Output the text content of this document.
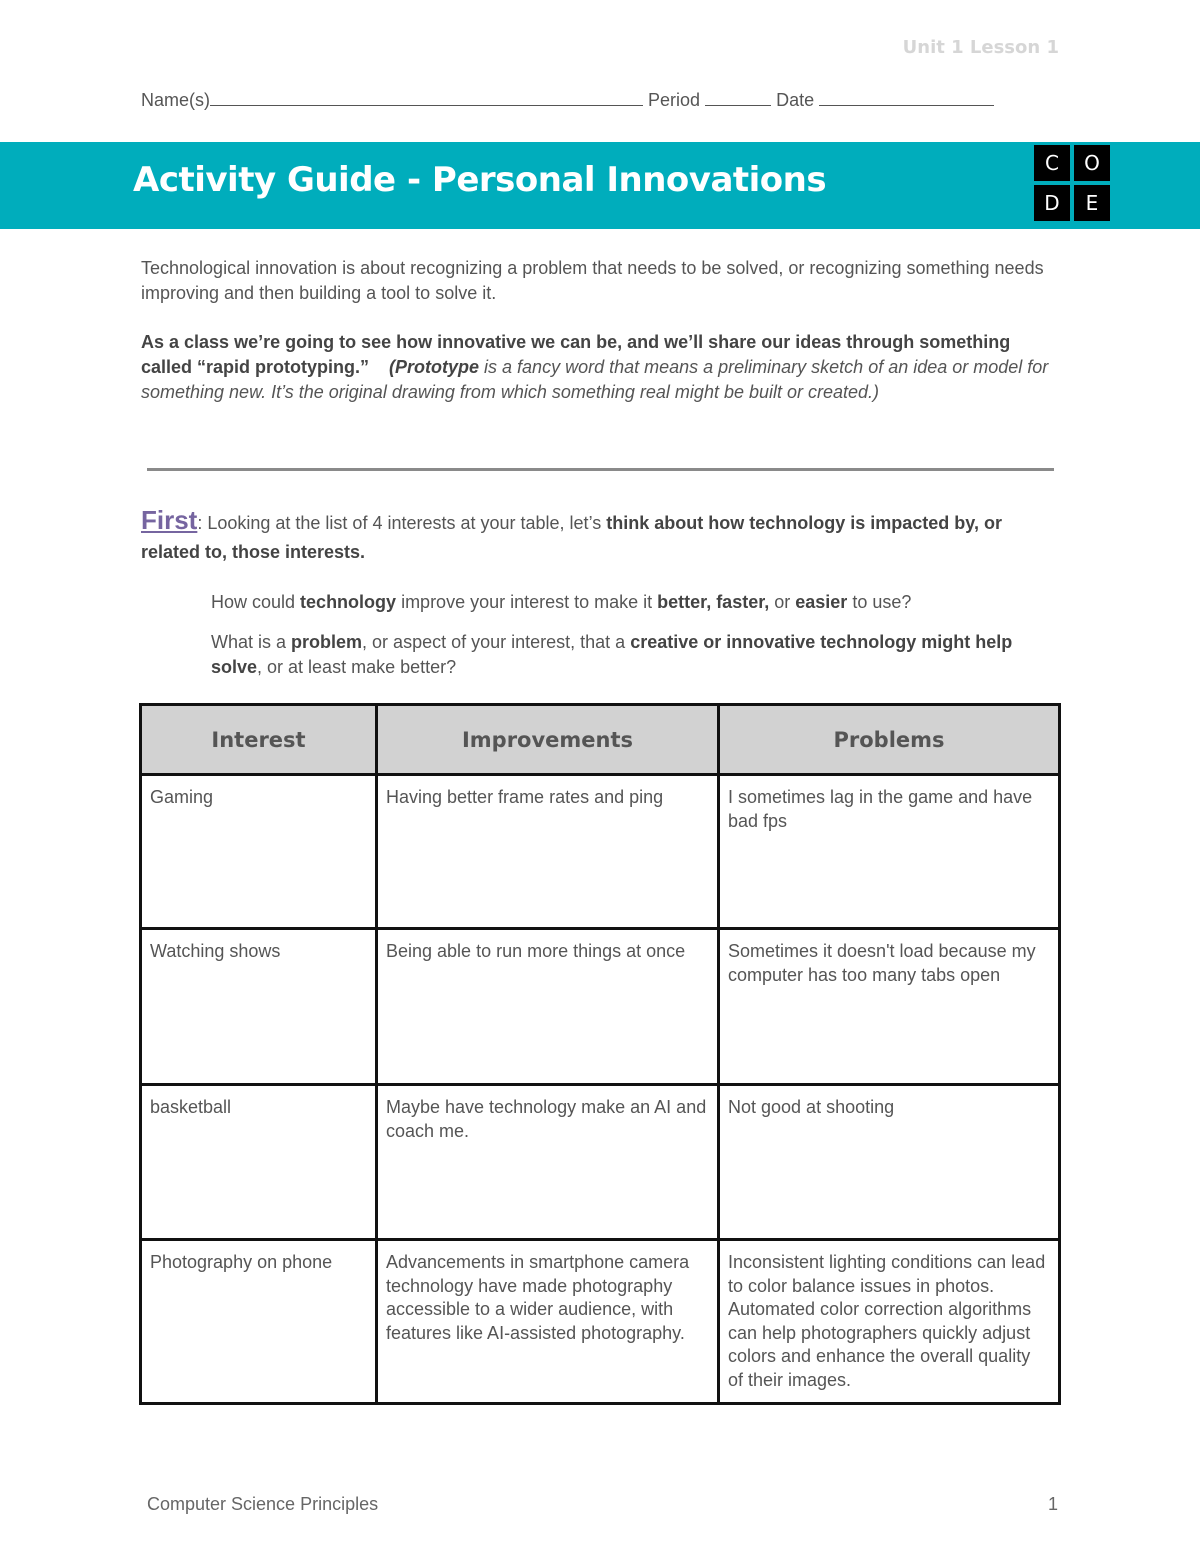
Unit 1 Lesson 1
Name(s)	Period	Date
Activity Guide - Personal Innovations	C	O
D	E

Technological innovation is about recognizing a problem that needs to be solved, or recognizing something needs improving and then building a tool to solve it.

As a class we’re going to see how innovative we can be, and we’ll share our ideas through something called “rapid prototyping.” (Prototype is a fancy word that means a preliminary sketch of an idea or model for something new. It’s the original drawing from which something real might be built or created.)

First: Looking at the list of 4 interests at your table, let’s think about how technology is impacted by, or related to, those interests.

How could technology improve your interest to make it better, faster, or easier to use?

What is a problem, or aspect of your interest, that a creative or innovative technology might help solve, or at least make better?

Interest	Improvements	Problems
Gaming	Having better frame rates and ping	I sometimes lag in the game and have bad fps
Watching shows	Being able to run more things at once	Sometimes it doesn't load because my computer has too many tabs open
basketball	Maybe have technology make an AI and coach me.	Not good at shooting
Photography on phone	Advancements in smartphone camera technology have made photography accessible to a wider audience, with features like AI-assisted photography.	Inconsistent lighting conditions can lead to color balance issues in photos. Automated color correction algorithms can help photographers quickly adjust colors and enhance the overall quality of their images.
Computer Science Principles	1
